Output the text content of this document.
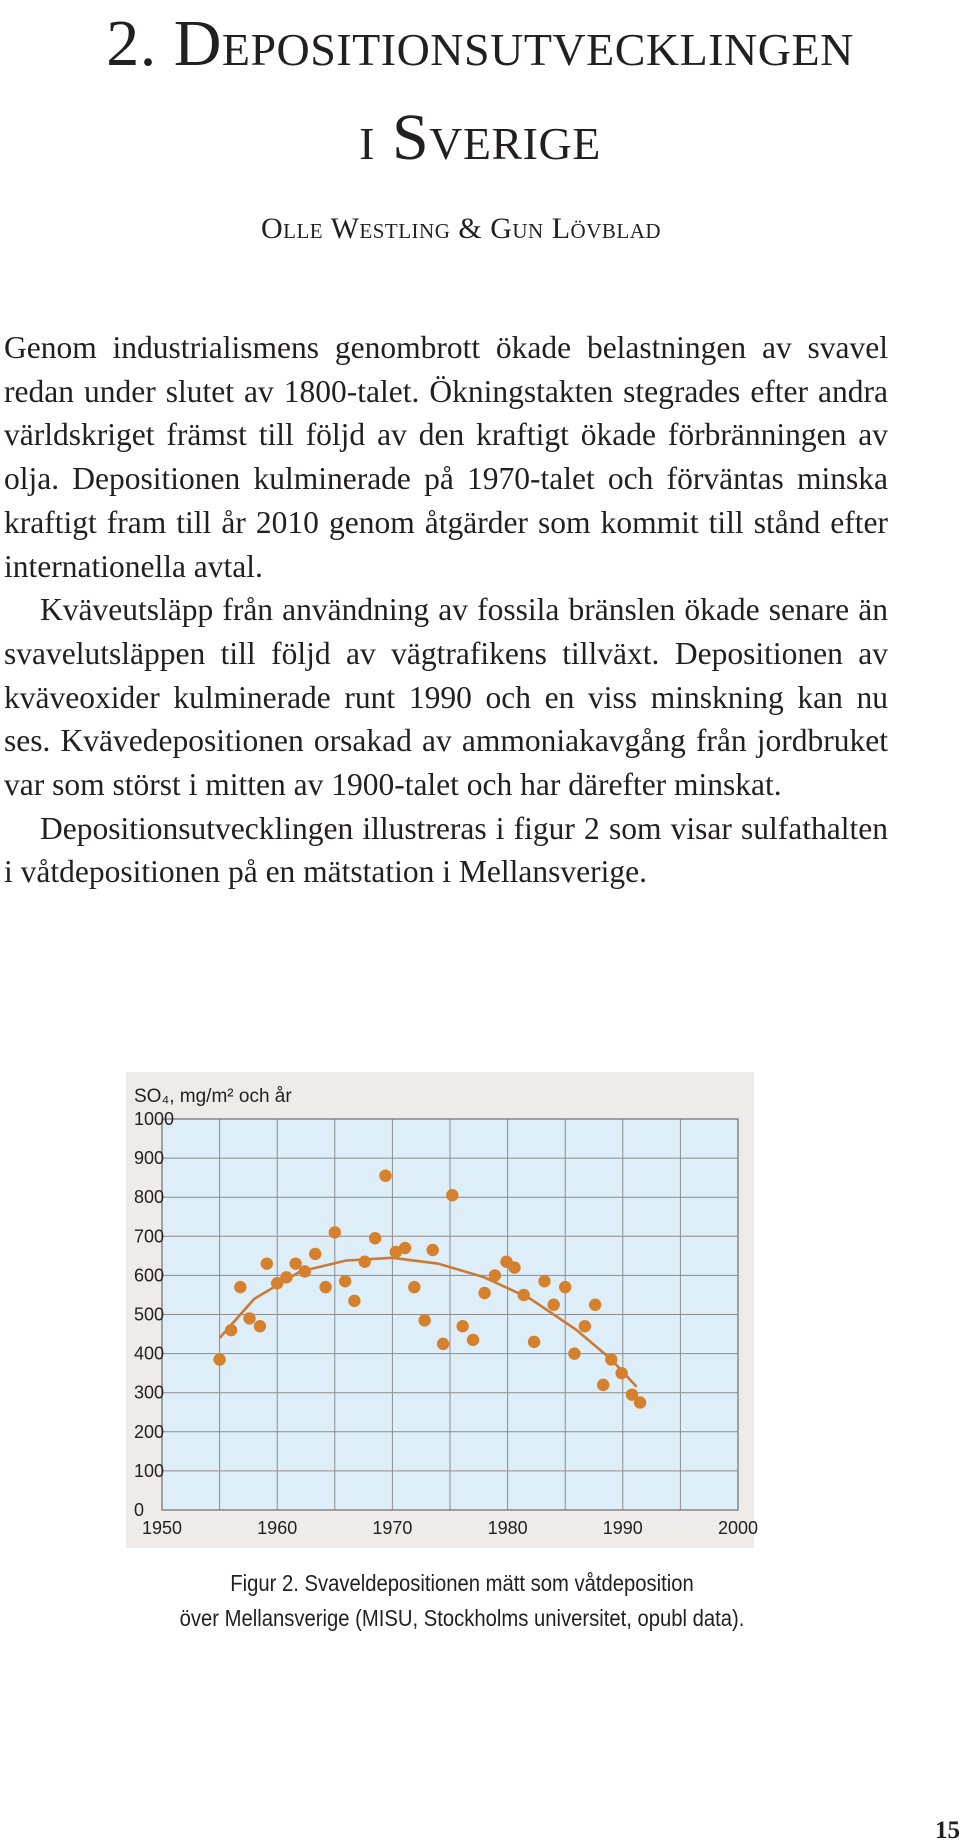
2. Depositionsutvecklingen
i Sverige
Olle Westling & Gun Lövblad

Genom industrialismens genombrott ökade belastningen av svavel redan under slutet av 1800-talet. Ökningstakten stegrades efter andra världskriget främst till följd av den kraftigt ökade förbränningen av olja. Depositionen kulminerade på 1970-talet och förväntas minska kraftigt fram till år 2010 genom åtgärder som kommit till stånd efter internationella avtal.

Kväveutsläpp från användning av fossila bränslen ökade senare än svavelutsläppen till följd av vägtrafikens tillväxt. Depositionen av kväveoxider kulminerade runt 1990 och en viss minskning kan nu ses. Kvävedepositionen orsakad av ammoniakavgång från jordbruket var som störst i mitten av 1900-talet och har därefter minskat.

Depositionsutvecklingen illustreras i figur 2 som visar sulfathalten i våtdepositionen på en mätstation i Mellansverige.

SO₄, mg/m² och år
0
100
200
300
400
500
600
700
800
900
1000
1950	1960	1970	1980	1990	2000
Figur 2. Svaveldepositionen mätt som våtdeposition
över Mellansverige (MISU, Stockholms universitet, opubl data).
15
